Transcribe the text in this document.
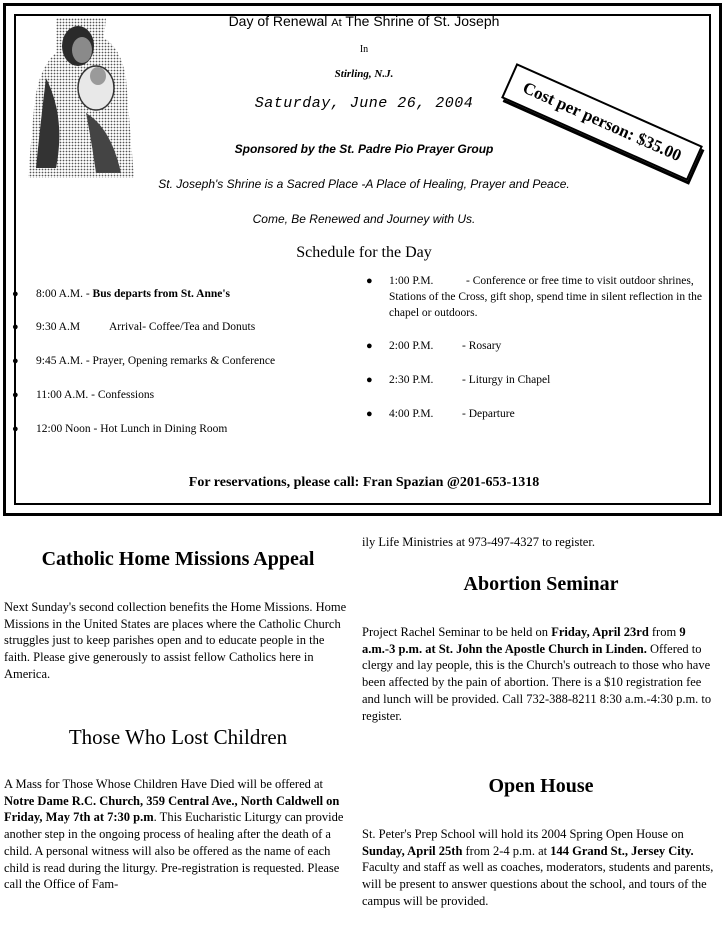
Day of Renewal At The Shrine of St. Joseph
In
Stirling, N.J.
Saturday, June 26, 2004
Sponsored by the St. Padre Pio Prayer Group
St. Joseph's Shrine is a Sacred Place -A Place of Healing, Prayer and Peace.
Come, Be Renewed and Journey with Us.
Schedule for the Day
Cost per person: $35.00
● 8:00 A.M. - Bus departs from St. Anne's
● 9:30 A.M	Arrival- Coffee/Tea and Donuts
● 9:45 A.M. - Prayer, Opening remarks & Conference
● 11:00 A.M. - Confessions
● 12:00 Noon - Hot Lunch in Dining Room
● 1:00 P.M.	- Conference or free time to visit outdoor shrines, Stations of the Cross, gift shop, spend time in silent reflection in the chapel or outdoors.
● 2:00 P.M. - Rosary
● 2:30 P.M. - Liturgy in Chapel
● 4:00 P.M. - Departure
For reservations, please call: Fran Spazian @201-653-1318
Catholic Home Missions Appeal

Next Sunday's second collection benefits the Home Missions. Home Missions in the United States are places where the Catholic Church struggles just to keep parishes open and to educate people in the faith. Please give generously to assist fellow Catholics here in America.

Those Who Lost Children

A Mass for Those Whose Children Have Died will be offered at Notre Dame R.C. Church, 359 Central Ave., North Caldwell on Friday, May 7th at 7:30 p.m. This Eucharistic Liturgy can provide another step in the ongoing process of healing after the death of a child. A personal witness will also be offered as the name of each child is read during the liturgy. Pre-registration is requested. Please call the Office of Fam-

ily Life Ministries at 973-497-4327 to register.

Abortion Seminar

Project Rachel Seminar to be held on Friday, April 23rd from 9 a.m.-3 p.m. at St. John the Apostle Church in Linden. Offered to clergy and lay people, this is the Church's outreach to those who have been affected by the pain of abortion. There is a $10 registration fee and lunch will be provided. Call 732-388-8211 8:30 a.m.-4:30 p.m. to register.

Open House

St. Peter's Prep School will hold its 2004 Spring Open House on Sunday, April 25th from 2-4 p.m. at 144 Grand St., Jersey City. Faculty and staff as well as coaches, moderators, students and parents, will be present to answer questions about the school, and tours of the campus will be provided.
